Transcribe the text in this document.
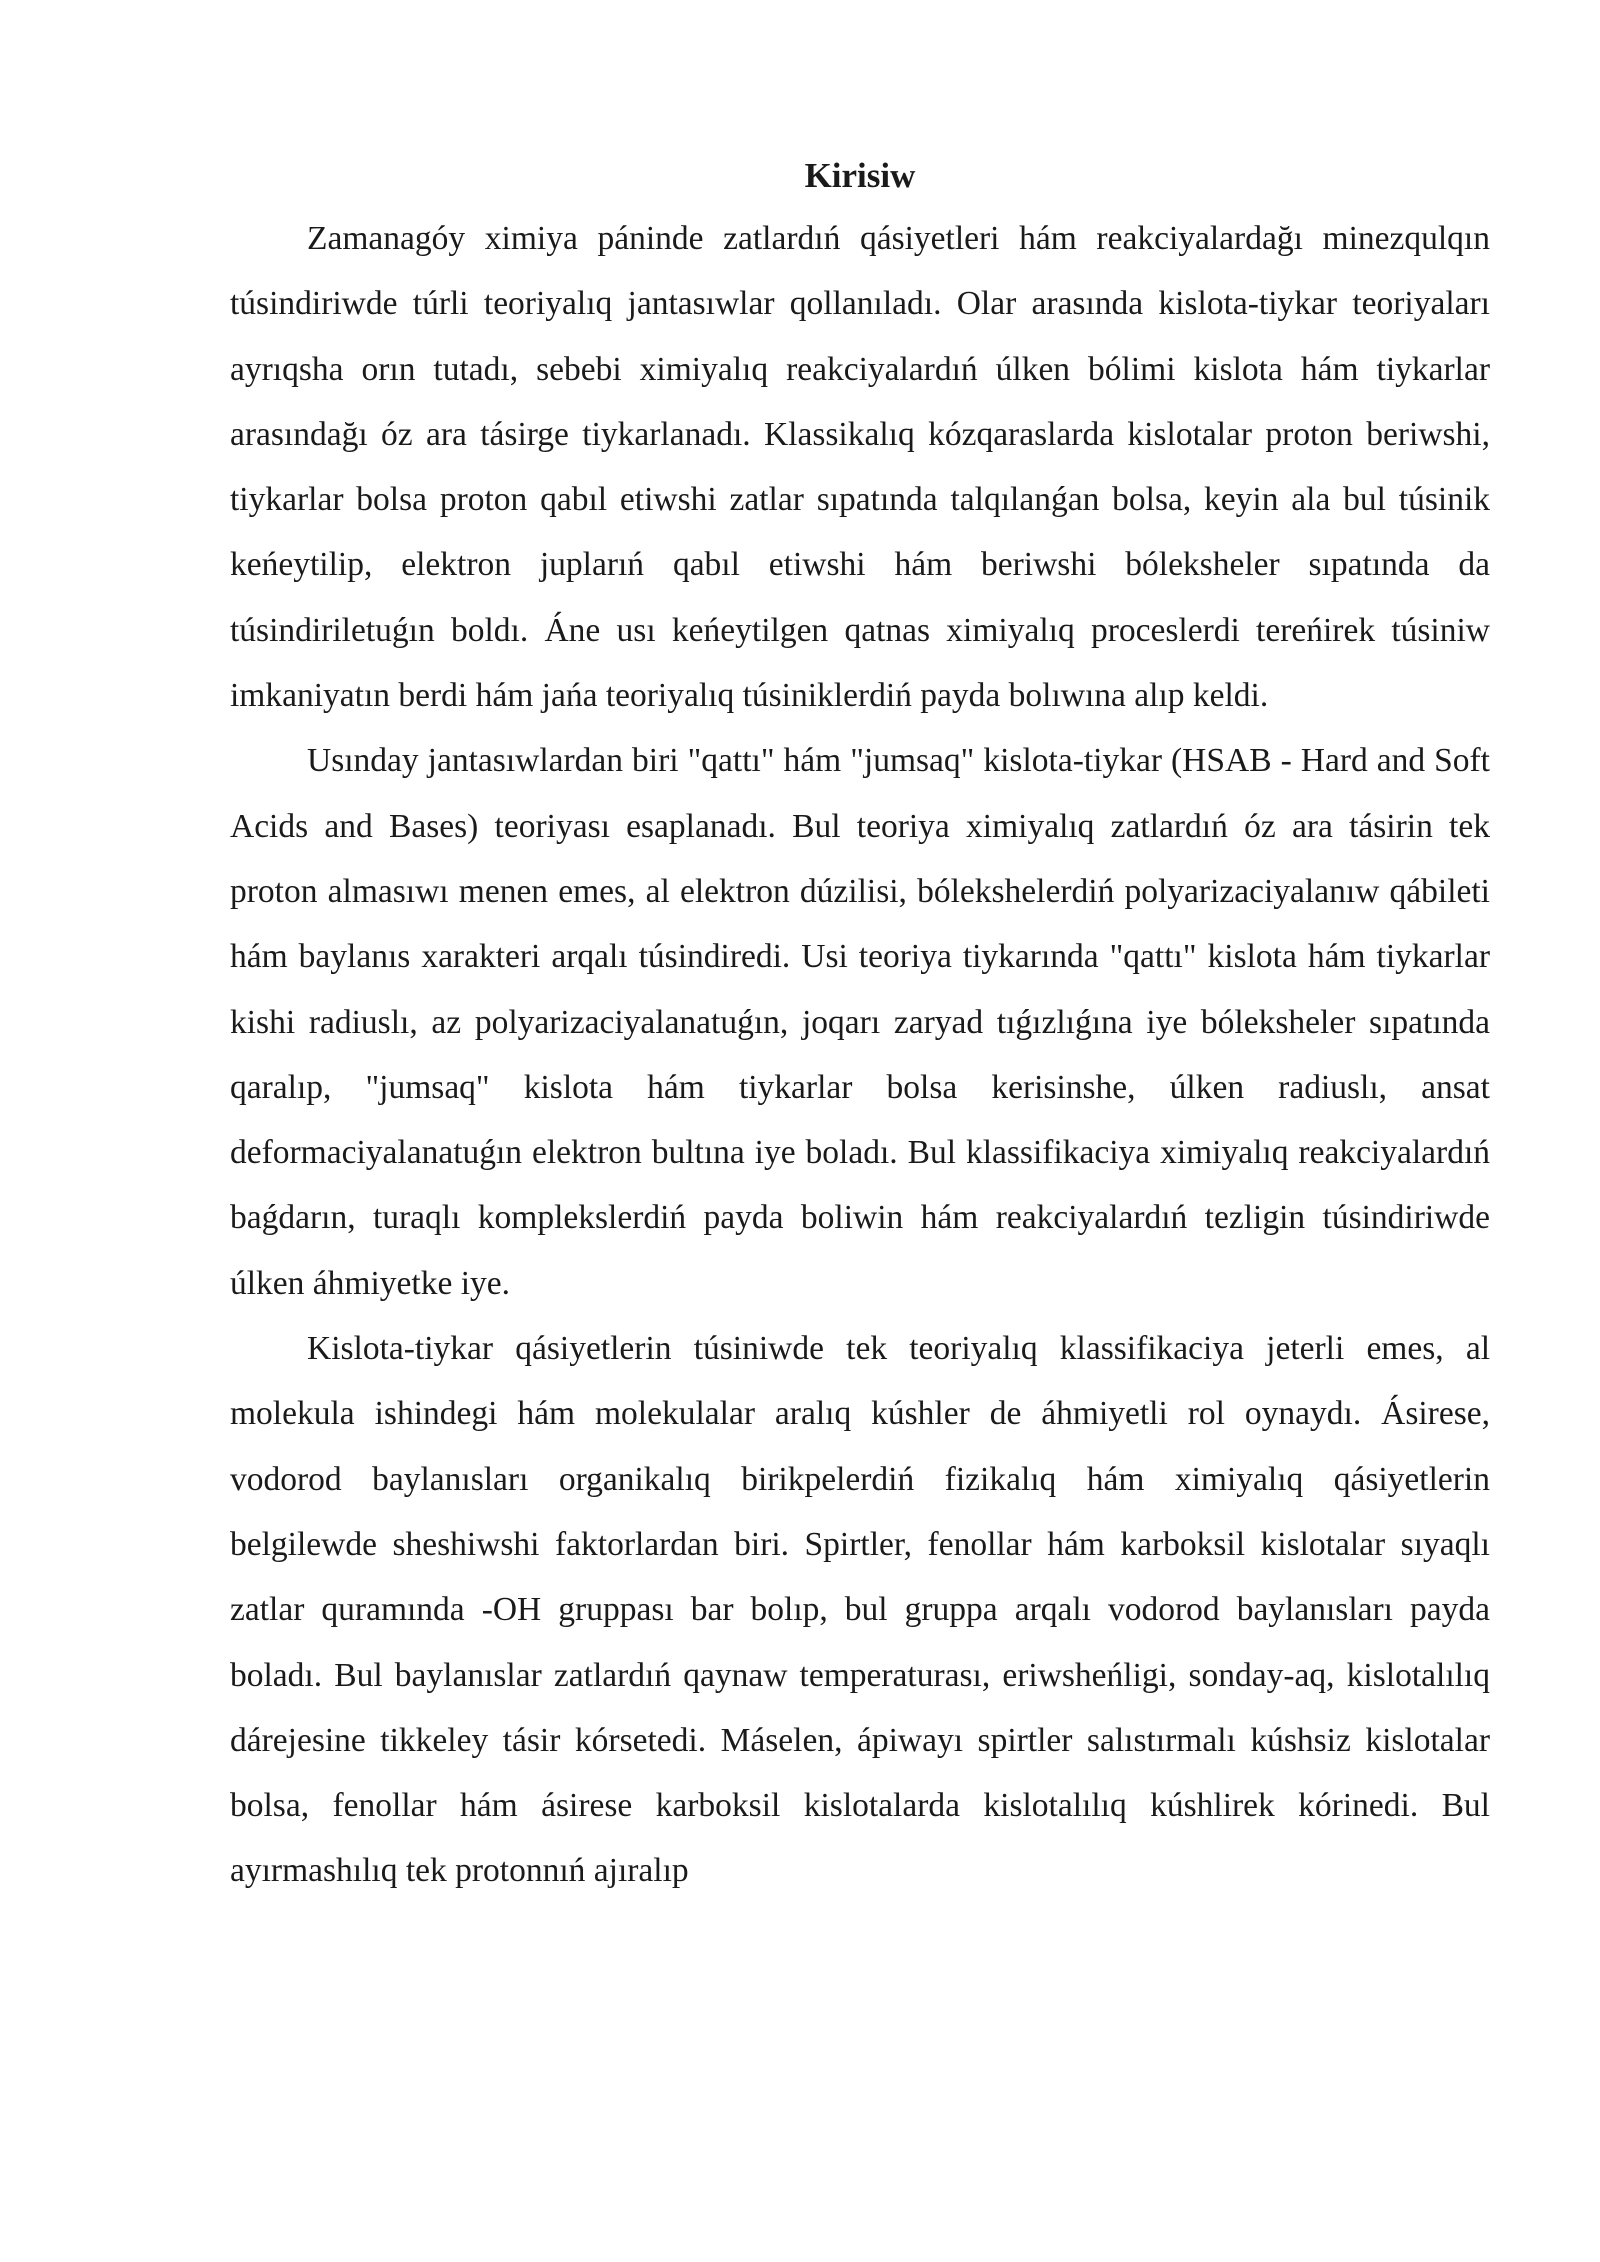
Kirisiw

Zamanagóy ximiya páninde zatlardıń qásiyetleri hám reakciyalardağı minezqulqın túsindiriwde túrli teoriyalıq jantasıwlar qollanıladı. Olar arasında kislota-tiykar teoriyaları ayrıqsha orın tutadı, sebebi ximiyalıq reakciyalardıń úlken bólimi kislota hám tiykarlar arasındağı óz ara tásirge tiykarlanadı. Klassikalıq kózqaraslarda kislotalar proton beriwshi, tiykarlar bolsa proton qabıl etiwshi zatlar sıpatında talqılanǵan bolsa, keyin ala bul túsinik keńeytilip, elektron juplarıń qabıl etiwshi hám beriwshi bóleksheler sıpatında da túsindiriletuǵın boldı. Áne usı keńeytilgen qatnas ximiyalıq proceslerdi tereńirek túsiniw imkaniyatın berdi hám jańa teoriyalıq túsiniklerdiń payda bolıwına alıp keldi.

Usınday jantasıwlardan biri "qattı" hám "jumsaq" kislota-tiykar (HSAB - Hard and Soft Acids and Bases) teoriyası esaplanadı. Bul teoriya ximiyalıq zatlardıń óz ara tásirin tek proton almasıwı menen emes, al elektron dúzilisi, bólekshelerdiń polyarizaciyalanıw qábileti hám baylanıs xarakteri arqalı túsindiredi. Usi teoriya tiykarında "qattı" kislota hám tiykarlar kishi radiuslı, az polyarizaciyalanatuǵın, joqarı zaryad tıǵızlıǵına iye bóleksheler sıpatında qaralıp, "jumsaq" kislota hám tiykarlar bolsa kerisinshe, úlken radiuslı, ansat deformaciyalanatuǵın elektron bultına iye boladı. Bul klassifikaciya ximiyalıq reakciyalardıń baǵdarın, turaqlı komplekslerdiń payda boliwin hám reakciyalardıń tezligin túsindiriwde úlken áhmiyetke iye.

Kislota-tiykar qásiyetlerin túsiniwde tek teoriyalıq klassifikaciya jeterli emes, al molekula ishindegi hám molekulalar aralıq kúshler de áhmiyetli rol oynaydı. Ásirese, vodorod baylanısları organikalıq birikpelerdiń fizikalıq hám ximiyalıq qásiyetlerin belgilewde sheshiwshi faktorlardan biri. Spirtler, fenollar hám karboksil kislotalar sıyaqlı zatlar quramında -OH gruppası bar bolıp, bul gruppa arqalı vodorod baylanısları payda boladı. Bul baylanıslar zatlardıń qaynaw temperaturası, eriwsheńligi, sonday-aq, kislotalılıq dárejesine tikkeley tásir kórsetedi. Máselen, ápiwayı spirtler salıstırmalı kúshsiz kislotalar bolsa, fenollar hám ásirese karboksil kislotalarda kislotalılıq kúshlirek kórinedi. Bul ayırmashılıq tek protonnıń ajıralıp
